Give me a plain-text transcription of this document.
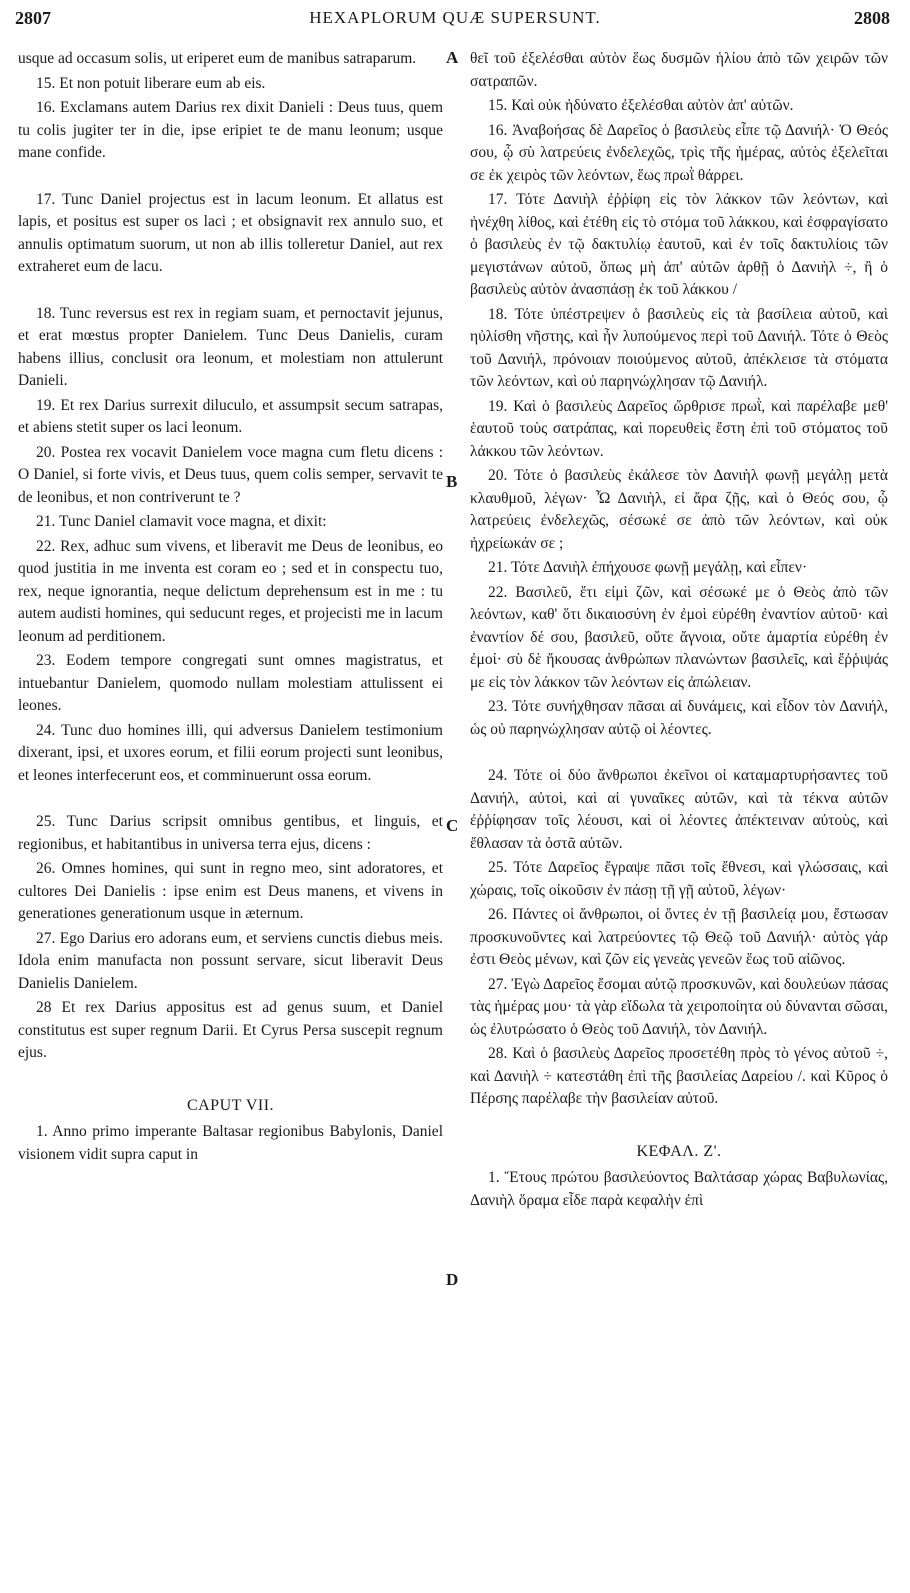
2807	HEXAPLORUM QUÆ SUPERSUNT.	2808
A
B
C
D

usque ad occasum solis, ut eriperet eum de manibus satraparum.

15. Et non potuit liberare eum ab eis.

16. Exclamans autem Darius rex dixit Danieli : Deus tuus, quem tu colis jugiter ter in die, ipse eripiet te de manu leonum; usque mane confide.

17. Tunc Daniel projectus est in lacum leonum. Et allatus est lapis, et positus est super os laci ; et obsignavit rex annulo suo, et annulis optimatum suorum, ut non ab illis tolleretur Daniel, aut rex extraheret eum de lacu.

18. Tunc reversus est rex in regiam suam, et pernoctavit jejunus, et erat mœstus propter Danielem. Tunc Deus Danielis, curam habens illius, conclusit ora leonum, et molestiam non attulerunt Danieli.

19. Et rex Darius surrexit diluculo, et assumpsit secum satrapas, et abiens stetit super os laci leonum.

20. Postea rex vocavit Danielem voce magna cum fletu dicens : O Daniel, si forte vivis, et Deus tuus, quem colis semper, servavit te de leonibus, et non contriverunt te ?

21. Tunc Daniel clamavit voce magna, et dixit:

22. Rex, adhuc sum vivens, et liberavit me Deus de leonibus, eo quod justitia in me inventa est coram eo ; sed et in conspectu tuo, rex, neque ignorantia, neque delictum deprehensum est in me : tu autem audisti homines, qui seducunt reges, et projecisti me in lacum leonum ad perditionem.

23. Eodem tempore congregati sunt omnes magistratus, et intuebantur Danielem, quomodo nullam molestiam attulissent ei leones.

24. Tunc duo homines illi, qui adversus Danielem testimonium dixerant, ipsi, et uxores eorum, et filii eorum projecti sunt leonibus, et leones interfecerunt eos, et comminuerunt ossa eorum.

25. Tunc Darius scripsit omnibus gentibus, et linguis, et regionibus, et habitantibus in universa terra ejus, dicens :

26. Omnes homines, qui sunt in regno meo, sint adoratores, et cultores Dei Danielis : ipse enim est Deus manens, et vivens in generationes generationum usque in æternum.

27. Ego Darius ero adorans eum, et serviens cunctis diebus meis. Idola enim manufacta non possunt servare, sicut liberavit Deus Danielis Danielem.

28 Et rex Darius appositus est ad genus suum, et Daniel constitutus est super regnum Darii. Et Cyrus Persa suscepit regnum ejus.

CAPUT VII.

1. Anno primo imperante Baltasar regionibus Babylonis, Daniel visionem vidit supra caput in

θεῖ τοῦ ἐξελέσθαι αὐτὸν ἕως δυσμῶν ἡλίου ἀπὸ τῶν χειρῶν τῶν σατραπῶν.

15. Καὶ οὐκ ἠδύνατο ἐξελέσθαι αὐτὸν ἀπ' αὐτῶν.

16. Ἀναβοήσας δὲ Δαρεῖος ὁ βασιλεὺς εἶπε τῷ Δανιήλ· Ὁ Θεός σου, ᾧ σὺ λατρεύεις ἐνδελεχῶς, τρὶς τῆς ἡμέρας, αὐτὸς ἐξελεῖται σε ἐκ χειρὸς τῶν λεόντων, ἕως πρωῒ θάρρει.

17. Τότε Δανιὴλ ἐῤῥίφη εἰς τὸν λάκκον τῶν λεόντων, καὶ ἠνέχθη λίθος, καὶ ἐτέθη εἰς τὸ στόμα τοῦ λάκκου, καὶ ἐσφραγίσατο ὁ βασιλεὺς ἐν τῷ δακτυλίῳ ἑαυτοῦ, καὶ ἐν τοῖς δακτυλίοις τῶν μεγιστάνων αὐτοῦ, ὅπως μὴ ἀπ' αὐτῶν ἀρθῇ ὁ Δανιὴλ ÷, ἢ ὁ βασιλεὺς αὐτὸν ἀνασπάσῃ ἐκ τοῦ λάκκου /

18. Τότε ὑπέστρεψεν ὁ βασιλεὺς εἰς τὰ βασίλεια αὐτοῦ, καὶ ηὐλίσθη νῆστης, καὶ ἦν λυπούμενος περὶ τοῦ Δανιήλ. Τότε ὁ Θεὸς τοῦ Δανιήλ, πρόνοιαν ποιούμενος αὐτοῦ, ἀπέκλεισε τὰ στόματα τῶν λεόντων, καὶ οὐ παρηνώχλησαν τῷ Δανιήλ.

19. Καὶ ὁ βασιλεὺς Δαρεῖος ὤρθρισε πρωῒ, καὶ παρέλαβε μεθ' ἑαυτοῦ τοὺς σατράπας, καὶ πορευθεὶς ἔστη ἐπὶ τοῦ στόματος τοῦ λάκκου τῶν λεόντων.

20. Τότε ὁ βασιλεὺς ἐκάλεσε τὸν Δανιὴλ φωνῇ μεγάλῃ μετὰ κλαυθμοῦ, λέγων· Ὦ Δανιὴλ, εἰ ἄρα ζῇς, καὶ ὁ Θεός σου, ᾧ λατρεύεις ἐνδελεχῶς, σέσωκέ σε ἀπὸ τῶν λεόντων, καὶ οὐκ ἠχρείωκάν σε ;

21. Τότε Δανιὴλ ἐπήχουσε φωνῇ μεγάλῃ, καὶ εἶπεν·

22. Βασιλεῦ, ἔτι εἰμὶ ζῶν, καὶ σέσωκέ με ὁ Θεὸς ἀπὸ τῶν λεόντων, καθ' ὅτι δικαιοσύνη ἐν ἐμοὶ εὑρέθη ἐναντίον αὐτοῦ· καὶ ἐναντίον δέ σου, βασιλεῦ, οὔτε ἄγνοια, οὔτε ἁμαρτία εὑρέθη ἐν ἐμοί· σὺ δὲ ἤκουσας ἀνθρώπων πλανώντων βασιλεῖς, καὶ ἔῤῥιψάς με εἰς τὸν λάκκον τῶν λεόντων εἰς ἀπώλειαν.

23. Τότε συνήχθησαν πᾶσαι αἱ δυνάμεις, καὶ εἶδον τὸν Δανιήλ, ὡς οὐ παρηνώχλησαν αὐτῷ οἱ λέοντες.

24. Τότε οἱ δύο ἄνθρωποι ἐκεῖνοι οἱ καταμαρτυρήσαντες τοῦ Δανιήλ, αὐτοὶ, καὶ αἱ γυναῖκες αὐτῶν, καὶ τὰ τέκνα αὐτῶν ἐῤῥίφησαν τοῖς λέουσι, καὶ οἱ λέοντες ἀπέκτειναν αὐτοὺς, καὶ ἔθλασαν τὰ ὀστᾶ αὐτῶν.

25. Τότε Δαρεῖος ἔγραψε πᾶσι τοῖς ἔθνεσι, καὶ γλώσσαις, καὶ χώραις, τοῖς οἰκοῦσιν ἐν πάσῃ τῇ γῇ αὐτοῦ, λέγων·

26. Πάντες οἱ ἄνθρωποι, οἱ ὄντες ἐν τῇ βασιλείᾳ μου, ἔστωσαν προσκυνοῦντες καὶ λατρεύοντες τῷ Θεῷ τοῦ Δανιήλ· αὐτὸς γάρ ἐστι Θεὸς μένων, καὶ ζῶν εἰς γενεὰς γενεῶν ἕως τοῦ αἰῶνος.

27. Ἐγὼ Δαρεῖος ἔσομαι αὐτῷ προσκυνῶν, καὶ δουλεύων πάσας τὰς ἡμέρας μου· τὰ γὰρ εἴδωλα τὰ χειροποίητα οὐ δύνανται σῶσαι, ὡς ἐλυτρώσατο ὁ Θεὸς τοῦ Δανιήλ, τὸν Δανιήλ.

28. Καὶ ὁ βασιλεὺς Δαρεῖος προσετέθη πρὸς τὸ γένος αὐτοῦ ÷, καὶ Δανιὴλ ÷ κατεστάθη ἐπὶ τῆς βασιλείας Δαρείου /. καὶ Κῦρος ὁ Πέρσης παρέλαβε τὴν βασιλείαν αὐτοῦ.

ΚΕΦΑΛ. Ζ'.

1. Ἔτους πρώτου βασιλεύοντος Βαλτάσαρ χώρας Βαβυλωνίας, Δανιὴλ ὅραμα εἶδε παρὰ κεφαλὴν ἐπὶ
